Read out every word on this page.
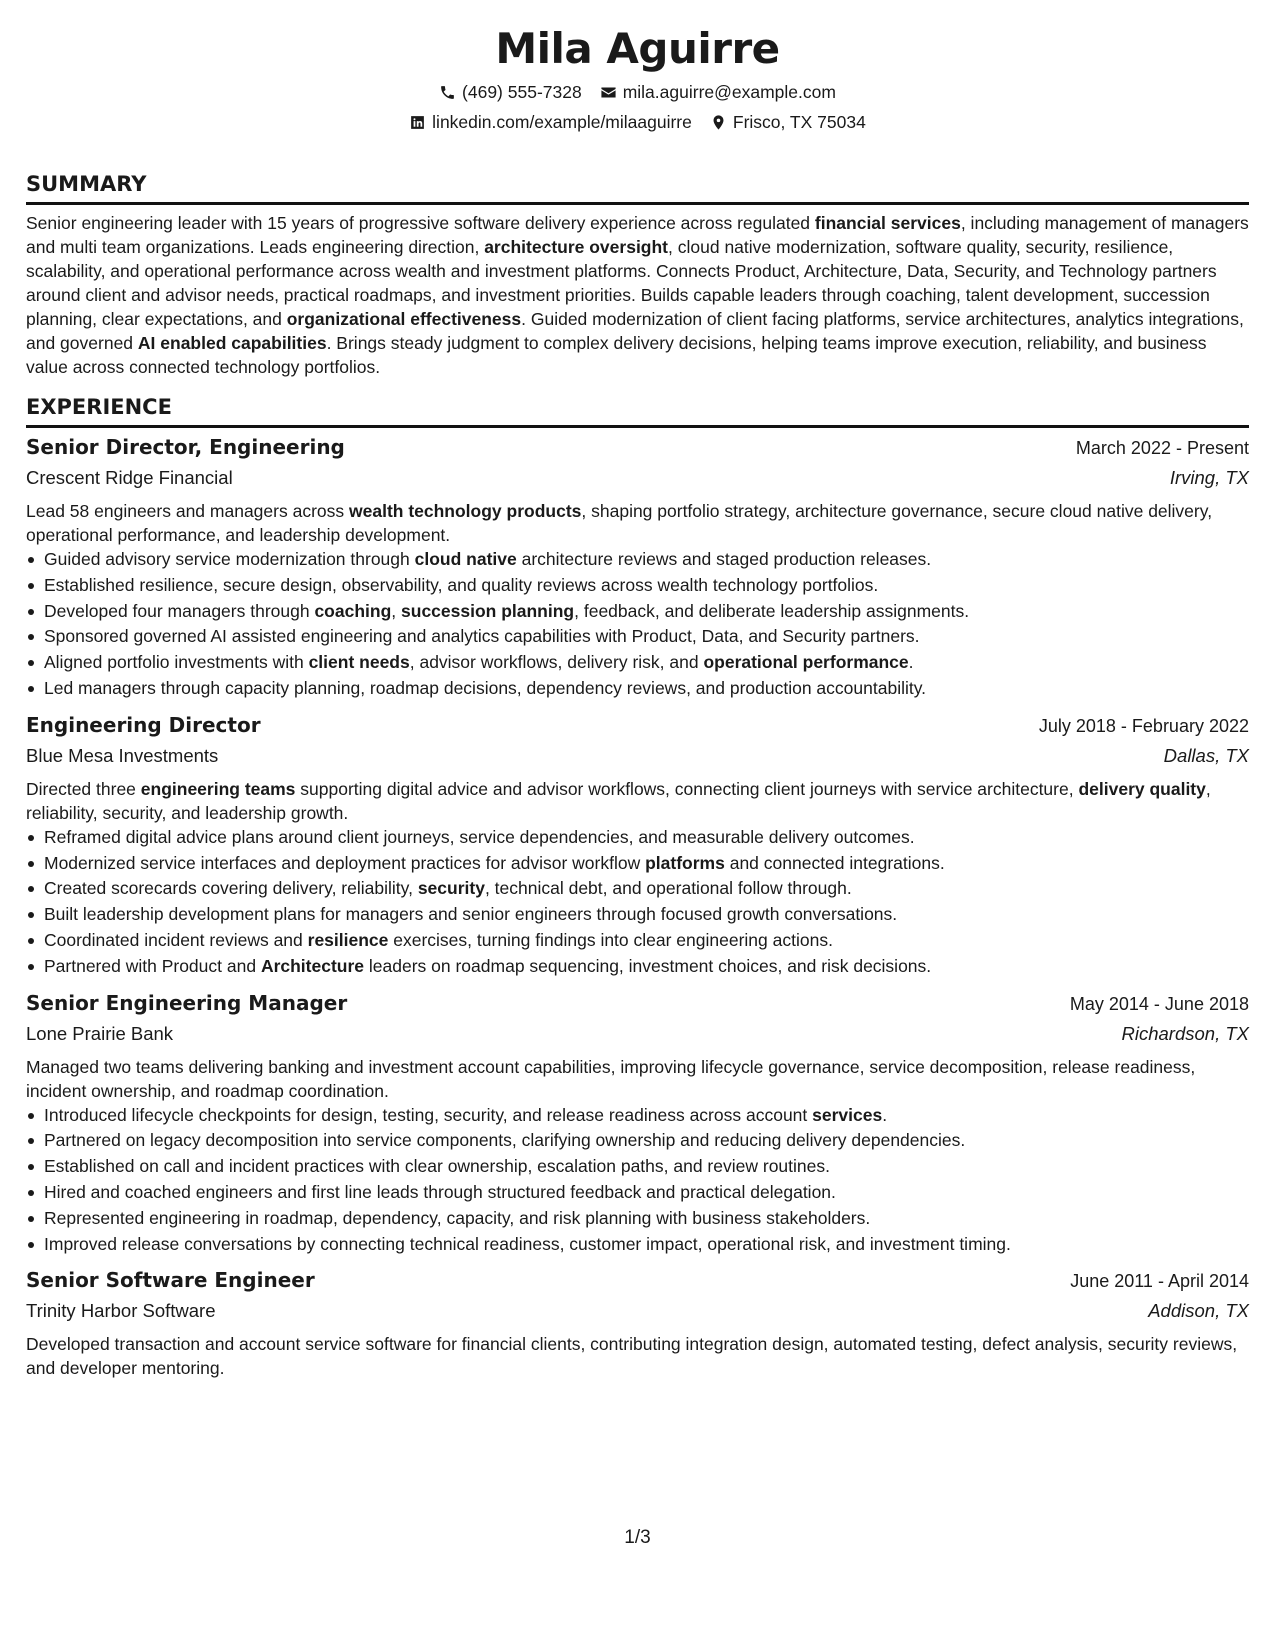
Mila Aguirre
(469) 555-7328 mila.aguirre@example.com
linkedin.com/example/milaaguirre Frisco, TX 75034
SUMMARY
Senior engineering leader with 15 years of progressive software delivery experience across regulated financial services, including management of managers and multi team organizations. Leads engineering direction, architecture oversight, cloud native modernization, software quality, security, resilience, scalability, and operational performance across wealth and investment platforms. Connects Product, Architecture, Data, Security, and Technology partners around client and advisor needs, practical roadmaps, and investment priorities. Builds capable leaders through coaching, talent development, succession planning, clear expectations, and organizational effectiveness. Guided modernization of client facing platforms, service architectures, analytics integrations, and governed AI enabled capabilities. Brings steady judgment to complex delivery decisions, helping teams improve execution, reliability, and business value across connected technology portfolios.
EXPERIENCE
Senior Director, Engineering	March 2022 - Present
Crescent Ridge Financial	Irving, TX
Lead 58 engineers and managers across wealth technology products, shaping portfolio strategy, architecture governance, secure cloud native delivery, operational performance, and leadership development.
Guided advisory service modernization through cloud native architecture reviews and staged production releases.
Established resilience, secure design, observability, and quality reviews across wealth technology portfolios.
Developed four managers through coaching, succession planning, feedback, and deliberate leadership assignments.
Sponsored governed AI assisted engineering and analytics capabilities with Product, Data, and Security partners.
Aligned portfolio investments with client needs, advisor workflows, delivery risk, and operational performance.
Led managers through capacity planning, roadmap decisions, dependency reviews, and production accountability.
Engineering Director	July 2018 - February 2022
Blue Mesa Investments	Dallas, TX
Directed three engineering teams supporting digital advice and advisor workflows, connecting client journeys with service architecture, delivery quality, reliability, security, and leadership growth.
Reframed digital advice plans around client journeys, service dependencies, and measurable delivery outcomes.
Modernized service interfaces and deployment practices for advisor workflow platforms and connected integrations.
Created scorecards covering delivery, reliability, security, technical debt, and operational follow through.
Built leadership development plans for managers and senior engineers through focused growth conversations.
Coordinated incident reviews and resilience exercises, turning findings into clear engineering actions.
Partnered with Product and Architecture leaders on roadmap sequencing, investment choices, and risk decisions.
Senior Engineering Manager	May 2014 - June 2018
Lone Prairie Bank	Richardson, TX
Managed two teams delivering banking and investment account capabilities, improving lifecycle governance, service decomposition, release readiness, incident ownership, and roadmap coordination.
Introduced lifecycle checkpoints for design, testing, security, and release readiness across account services.
Partnered on legacy decomposition into service components, clarifying ownership and reducing delivery dependencies.
Established on call and incident practices with clear ownership, escalation paths, and review routines.
Hired and coached engineers and first line leads through structured feedback and practical delegation.
Represented engineering in roadmap, dependency, capacity, and risk planning with business stakeholders.
Improved release conversations by connecting technical readiness, customer impact, operational risk, and investment timing.
Senior Software Engineer	June 2011 - April 2014
Trinity Harbor Software	Addison, TX
Developed transaction and account service software for financial clients, contributing integration design, automated testing, defect analysis, security reviews, and developer mentoring.
1/3
